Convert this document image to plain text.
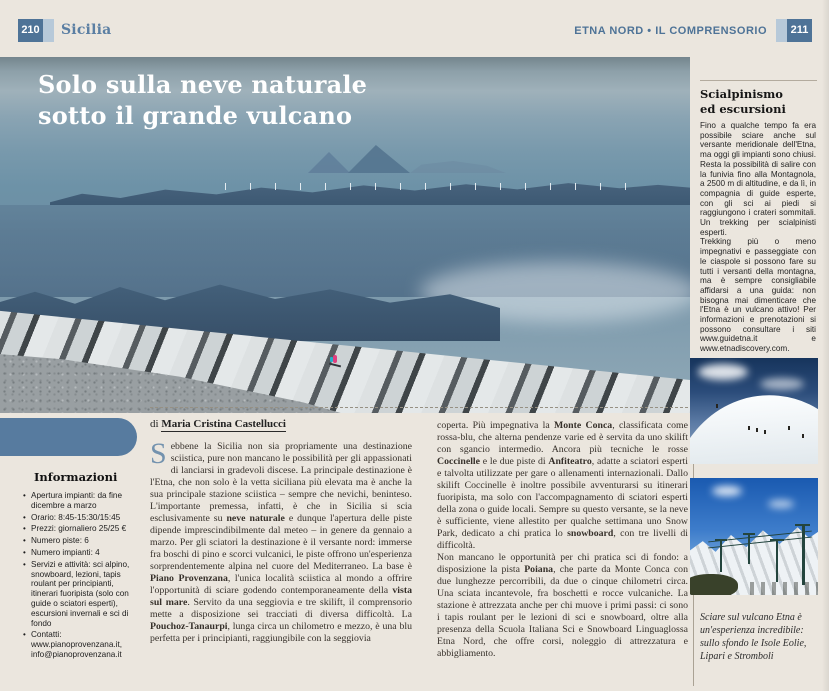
210 Sicilia	ETNA NORD • IL COMPRENSORIO	211
Solo sulla neve naturale
sotto il grande vulcano
Informazioni
• Apertura impianti: da fine dicembre a marzo
• Orario: 8:45-15:30/15:45
• Prezzi: giornaliero 25/25 €
• Numero piste: 6
• Numero impianti: 4
• Servizi e attività: sci alpino, snowboard, lezioni, tapis roulant per principianti, itinerari fuoripista (solo con guide o sciatori esperti), escursioni invernali e sci di fondo
• Contatti: www.pianoprovenzana.it, info@pianoprovenzana.it
di Maria Cristina Castellucci

Sebbene la Sicilia non sia propriamente una destinazione sciistica, pure non mancano le possibilità per gli appassionati di lanciarsi in gradevoli discese. La principale destinazione è l'Etna, che non solo è la vetta siciliana più elevata ma è anche la sua principale stazione sciistica – sempre che nevichi, beninteso. L'importante premessa, infatti, è che in Sicilia si scia esclusivamente su neve naturale e dunque l'apertura delle piste dipende imprescindibilmente dal meteo – in genere da gennaio a marzo. Per gli sciatori la destinazione è il versante nord: immerse fra boschi di pino e scorci vulcanici, le piste offrono un'esperienza sorprendentemente alpina nel cuore del Mediterraneo. La base è Piano Provenzana, l'unica località sciistica al mondo a offrire l'opportunità di sciare godendo contemporaneamente della vista sul mare. Servito da una seggiovia e tre skilift, il comprensorio mette a disposizione sei tracciati di diversa difficoltà. La Pouchoz-Tanaurpi, lunga circa un chilometro e mezzo, è una blu perfetta per i principianti, raggiungibile con la seggiovia

coperta. Più impegnativa la Monte Conca, classificata come rossa-blu, che alterna pendenze varie ed è servita da uno skilift con sgancio intermedio. Ancora più tecniche le rosse Coccinelle e le due piste di Anfiteatro, adatte a sciatori esperti e talvolta utilizzate per gare o allenamenti internazionali. Dallo skilift Coccinelle è inoltre possibile avventurarsi su itinerari fuoripista, ma solo con l'accompagnamento di sciatori esperti della zona o guide locali. Sempre su questo versante, se la neve è sufficiente, viene allestito per qualche settimana uno Snow Park, dedicato a chi pratica lo snowboard, con tre livelli di difficoltà.

Non mancano le opportunità per chi pratica sci di fondo: a disposizione la pista Poiana, che parte da Monte Conca con due lunghezze percorribili, da due o cinque chilometri circa. Una sciata incantevole, fra boschetti e rocce vulcaniche. La stazione è attrezzata anche per chi muove i primi passi: ci sono i tapis roulant per le lezioni di sci e snowboard, oltre alla presenza della Scuola Italiana Sci e Snowboard Linguaglossa Etna Nord, che offre corsi, noleggio di attrezzatura e abbigliamento.

Scialpinismo
ed escursioni

Fino a qualche tempo fa era possibile sciare anche sul versante meridionale dell'Etna, ma oggi gli impianti sono chiusi. Resta la possibilità di salire con la funivia fino alla Montagnola, a 2500 m di altitudine, e da lì, in compagnia di guide esperte, con gli sci ai piedi si raggiungono i crateri sommitali. Un trekking per scialpinisti esperti.

Trekking più o meno impegnativi e passeggiate con le ciaspole si possono fare su tutti i versanti della montagna, ma è sempre consigliabile affidarsi a una guida: non bisogna mai dimenticare che l'Etna è un vulcano attivo! Per informazioni e prenotazioni si possono consultare i siti www.guidetna.it e www.etnadiscovery.com.

Sciare sul vulcano Etna è un'esperienza incredibile: sullo sfondo le Isole Eolie, Lipari e Stromboli
